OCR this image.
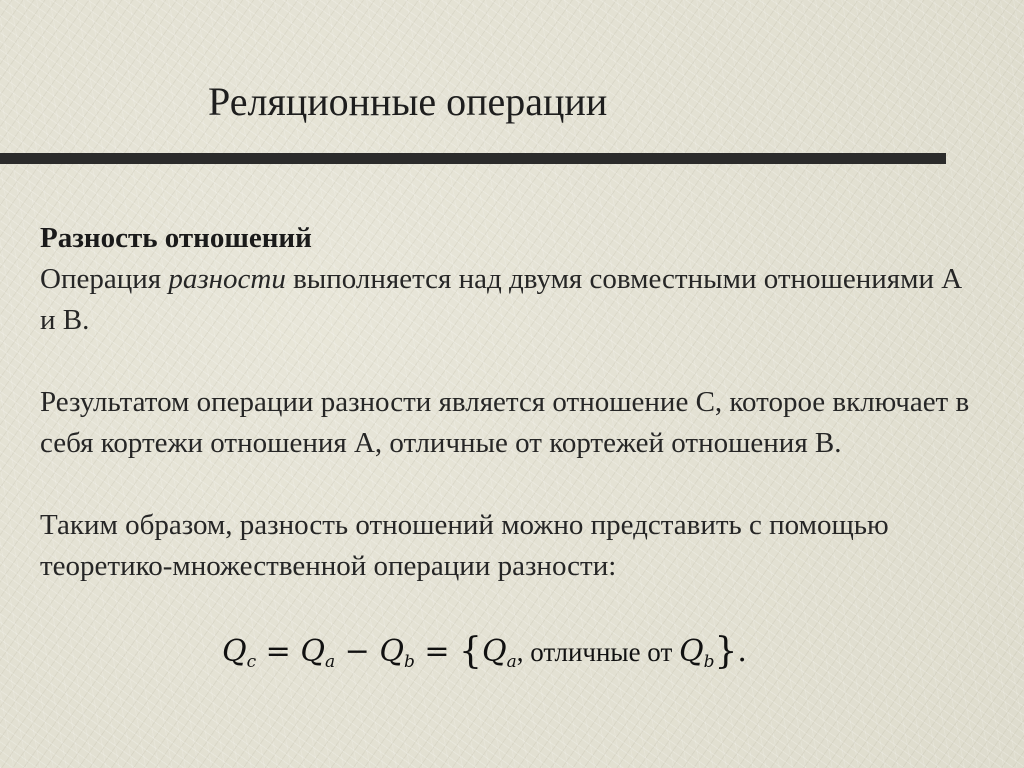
Реляционные операции

Разность отношений

Операция разности выполняется над двумя совместными отношениями A и B.

Результатом операции разности является отношение С, которое включает в себя кортежи отношения A, отличные от кортежей отношения B.

Таким образом, разность отношений можно представить с помощью теоретико-множественной операции разности:

$Q_c = Q_a - Q_b = \{Q_a$, отличные от $Q_b$}.
